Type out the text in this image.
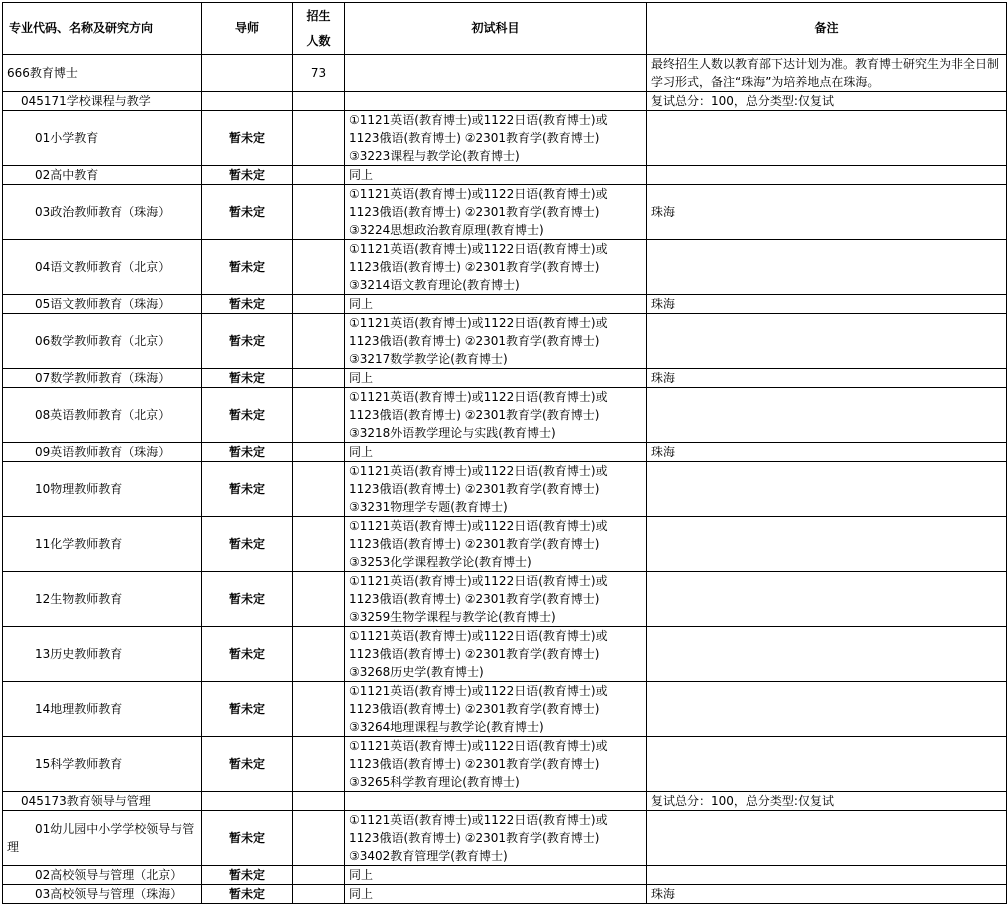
专业代码、名称及研究方向	导师	招生
人数	初试科目	备注
666教育博士		73		最终招生人数以教育部下达计划为准。教育博士研究生为非全日制学习形式，备注“珠海”为培养地点在珠海。
045171学校课程与教学				复试总分：100，总分类型:仅复试
01小学教育	暂未定		①1121英语(教育博士)或1122日语(教育博士)或
1123俄语(教育博士) ②2301教育学(教育博士)
③3223课程与教学论(教育博士)	

02高中教育	暂未定		同上	
03政治教师教育（珠海）	暂未定		①1121英语(教育博士)或1122日语(教育博士)或
1123俄语(教育博士) ②2301教育学(教育博士)
③3224思想政治教育原理(教育博士)	珠海
04语文教师教育（北京）	暂未定		①1121英语(教育博士)或1122日语(教育博士)或
1123俄语(教育博士) ②2301教育学(教育博士)
③3214语文教育理论(教育博士)	

05语文教师教育（珠海）	暂未定		同上	珠海
06数学教师教育（北京）	暂未定		①1121英语(教育博士)或1122日语(教育博士)或
1123俄语(教育博士) ②2301教育学(教育博士)
③3217数学教学论(教育博士)	

07数学教师教育（珠海）	暂未定		同上	珠海
08英语教师教育（北京）	暂未定		①1121英语(教育博士)或1122日语(教育博士)或
1123俄语(教育博士) ②2301教育学(教育博士)
③3218外语教学理论与实践(教育博士)	

09英语教师教育（珠海）	暂未定		同上	珠海
10物理教师教育	暂未定		①1121英语(教育博士)或1122日语(教育博士)或
1123俄语(教育博士) ②2301教育学(教育博士)
③3231物理学专题(教育博士)	

11化学教师教育	暂未定		①1121英语(教育博士)或1122日语(教育博士)或
1123俄语(教育博士) ②2301教育学(教育博士)
③3253化学课程教学论(教育博士)	

12生物教师教育	暂未定		①1121英语(教育博士)或1122日语(教育博士)或
1123俄语(教育博士) ②2301教育学(教育博士)
③3259生物学课程与教学论(教育博士)	

13历史教师教育	暂未定		①1121英语(教育博士)或1122日语(教育博士)或
1123俄语(教育博士) ②2301教育学(教育博士)
③3268历史学(教育博士)	

14地理教师教育	暂未定		①1121英语(教育博士)或1122日语(教育博士)或
1123俄语(教育博士) ②2301教育学(教育博士)
③3264地理课程与教学论(教育博士)	

15科学教师教育	暂未定		①1121英语(教育博士)或1122日语(教育博士)或
1123俄语(教育博士) ②2301教育学(教育博士)
③3265科学教育理论(教育博士)	

045173教育领导与管理				复试总分：100，总分类型:仅复试
01幼儿园中小学学校领导与管理	暂未定		①1121英语(教育博士)或1122日语(教育博士)或
1123俄语(教育博士) ②2301教育学(教育博士)
③3402教育管理学(教育博士)	

02高校领导与管理（北京）	暂未定		同上	
03高校领导与管理（珠海）	暂未定		同上	珠海
